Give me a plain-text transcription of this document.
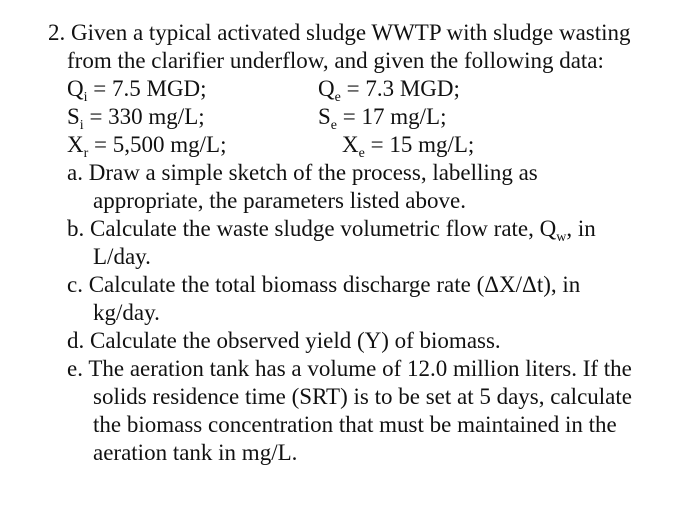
2. Given a typical activated sludge WWTP with sludge wasting
from the clarifier underflow, and given the following data:
$Q_i = 7.5$ MGD;	$Q_e = 7.3$ MGD;
$S_i = 330$ mg/L;	$S_e = 17$ mg/L;
$X_r = 5,500$ mg/L;	$X_e = 15$ mg/L;
a. Draw a simple sketch of the process, labelling as
appropriate, the parameters listed above.
b. Calculate the waste sludge volumetric flow rate, $Q_w$, in
L/day.
c. Calculate the total biomass discharge rate (ΔX/Δt), in
kg/day.
d. Calculate the observed yield (Y) of biomass.
e. The aeration tank has a volume of 12.0 million liters. If the
solids residence time (SRT) is to be set at 5 days, calculate
the biomass concentration that must be maintained in the
aeration tank in mg/L.
